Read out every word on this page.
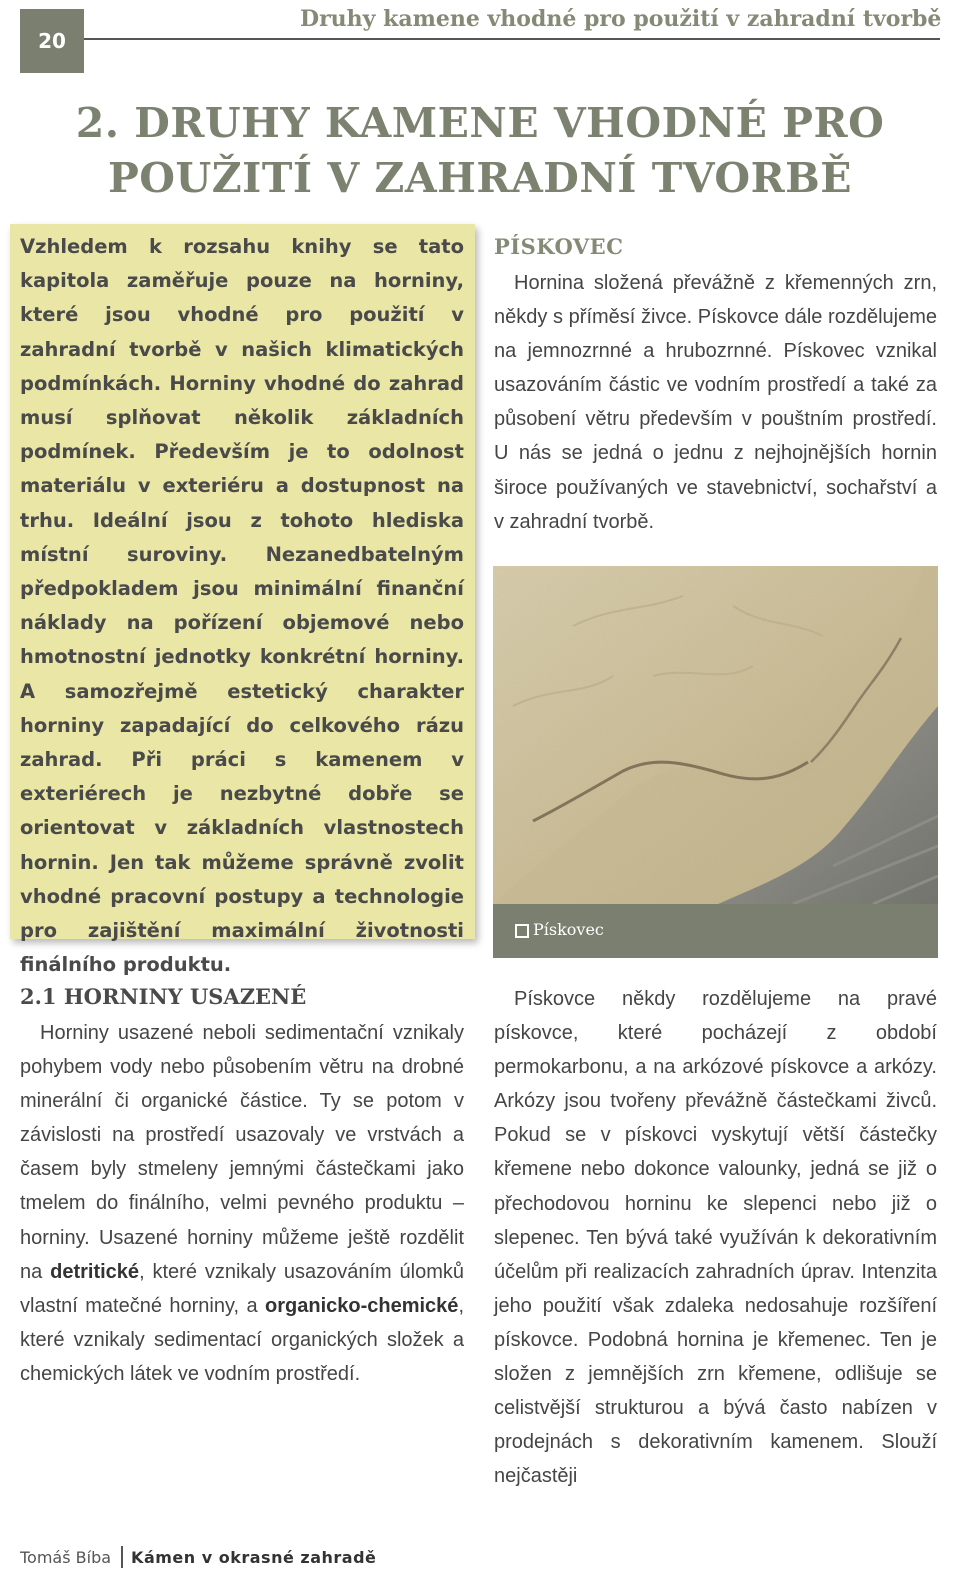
20
Druhy kamene vhodné pro použití v zahradní tvorbě
2. DRUHY KAMENE VHODNÉ PRO
POUŽITÍ V ZAHRADNÍ TVORBĚ
Vzhledem k rozsahu knihy se tato kapitola zaměřuje pouze na horniny, které jsou vhodné pro použití v zahradní tvorbě v našich klimatických podmínkách. Horniny vhodné do zahrad musí splňovat několik základních podmínek. Především je to odolnost materiálu v exteriéru a dostupnost na trhu. Ideální jsou z tohoto hlediska místní suroviny. Nezanedbatelným předpokladem jsou minimální finanční náklady na pořízení objemové nebo hmotnostní jednotky konkrétní horniny. A samozřejmě estetický charakter horniny zapadající do celkového rázu zahrad. Při práci s kamenem v exteriérech je nezbytné dobře se orientovat v základních vlastnostech hornin. Jen tak můžeme správně zvolit vhodné pracovní postupy a technologie pro zajištění maximální životnosti finálního produktu.
PÍSKOVEC

Hornina složená převážně z křemenných zrn, někdy s příměsí živce. Pískovce dále rozdělujeme na jemnozrnné a hrubozrnné. Pískovec vznikal usazováním částic ve vodním prostředí a také za působení větru především v pouštním prostředí. U nás se jedná o jednu z nejhojnějších hornin široce používaných ve stavebnictví, sochařství a v zahradní tvorbě.

Pískovec
2.1 HORNINY USAZENÉ

Horniny usazené neboli sedimentační vznikaly pohybem vody nebo působením větru na drobné minerální či organické částice. Ty se potom v závislosti na prostředí usazovaly ve vrstvách a časem byly stmeleny jemnými částečkami jako tmelem do finálního, velmi pevného produktu – horniny. Usazené horniny můžeme ještě rozdělit na detritické, které vznikaly usazováním úlomků vlastní matečné horniny, a organicko-chemické, které vznikaly sedimentací organických složek a chemických látek ve vodním prostředí.

Pískovce někdy rozdělujeme na pravé pískovce, které pocházejí z období permokarbonu, a na arkózové pískovce a arkózy. Arkózy jsou tvořeny převážně částečkami živců. Pokud se v pískovci vyskytují větší částečky křemene nebo dokonce valounky, jedná se již o přechodovou horninu ke slepenci nebo již o slepenec. Ten bývá také využíván k dekorativním účelům při realizacích zahradních úprav. Intenzita jeho použití však zdaleka nedosahuje rozšíření pískovce. Podobná hornina je křemenec. Ten je složen z jemnějších zrn křemene, odlišuje se celistvější strukturou a bývá často nabízen v prodejnách s dekorativním kamenem. Slouží nejčastěji

Tomáš Bíba Kámen v okrasné zahradě
